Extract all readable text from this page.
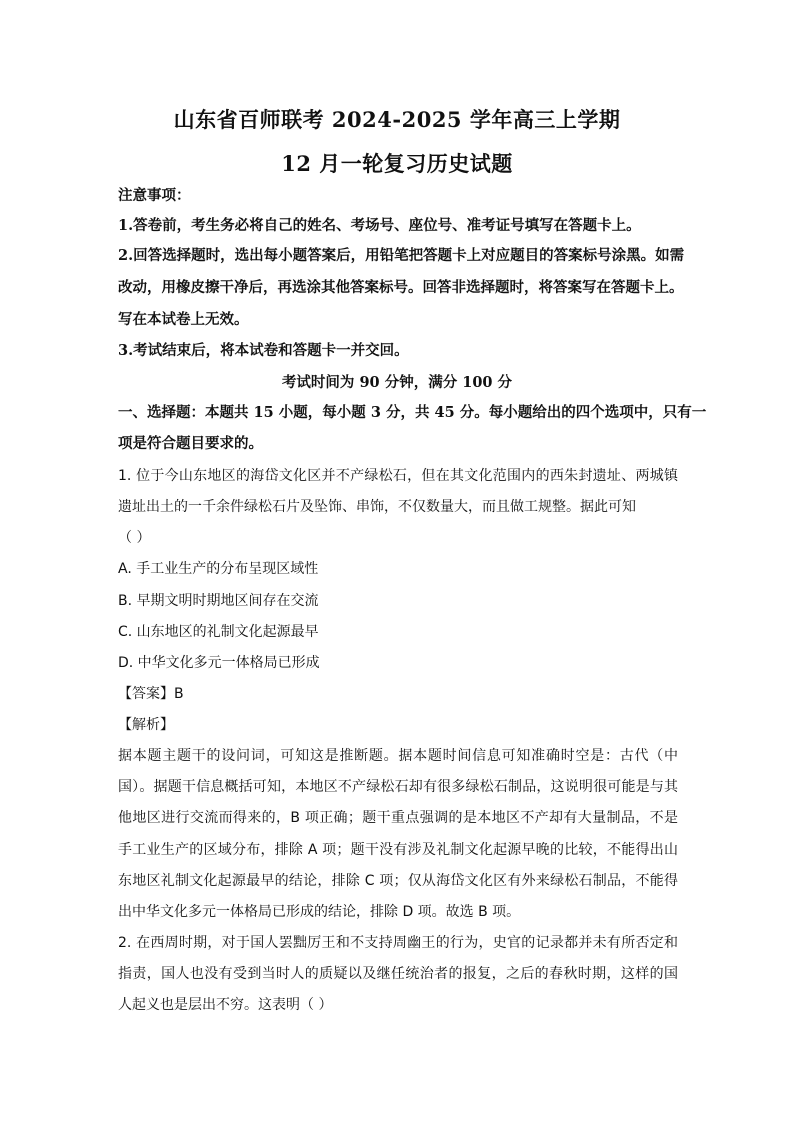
山东省百师联考 2024-2025 学年高三上学期
12 月一轮复习历史试题
注意事项：
1.答卷前，考生务必将自己的姓名、考场号、座位号、准考证号填写在答题卡上。
2.回答选择题时，选出每小题答案后，用铅笔把答题卡上对应题目的答案标号涂黑。如需
改动，用橡皮擦干净后，再选涂其他答案标号。回答非选择题时，将答案写在答题卡上。
写在本试卷上无效。
3.考试结束后，将本试卷和答题卡一并交回。
考试时间为 90 分钟，满分 100 分
一、选择题：本题共 15 小题，每小题 3 分，共 45 分。每小题给出的四个选项中，只有一
项是符合题目要求的。
1. 位于今山东地区的海岱文化区并不产绿松石，但在其文化范围内的西朱封遗址、两城镇
遗址出土的一千余件绿松石片及坠饰、串饰，不仅数量大，而且做工规整。据此可知
（ ）
A. 手工业生产的分布呈现区域性
B. 早期文明时期地区间存在交流
C. 山东地区的礼制文化起源最早
D. 中华文化多元一体格局已形成
【答案】B
【解析】
据本题主题干的设问词，可知这是推断题。据本题时间信息可知准确时空是：古代（中
国）。据题干信息概括可知，本地区不产绿松石却有很多绿松石制品，这说明很可能是与其
他地区进行交流而得来的，B 项正确；题干重点强调的是本地区不产却有大量制品，不是
手工业生产的区域分布，排除 A 项；题干没有涉及礼制文化起源早晚的比较，不能得出山
东地区礼制文化起源最早的结论，排除 C 项；仅从海岱文化区有外来绿松石制品，不能得
出中华文化多元一体格局已形成的结论，排除 D 项。故选 B 项。
2. 在西周时期，对于国人罢黜厉王和不支持周幽王的行为，史官的记录都并未有所否定和
指责，国人也没有受到当时人的质疑以及继任统治者的报复，之后的春秋时期，这样的国
人起义也是层出不穷。这表明（ ）
